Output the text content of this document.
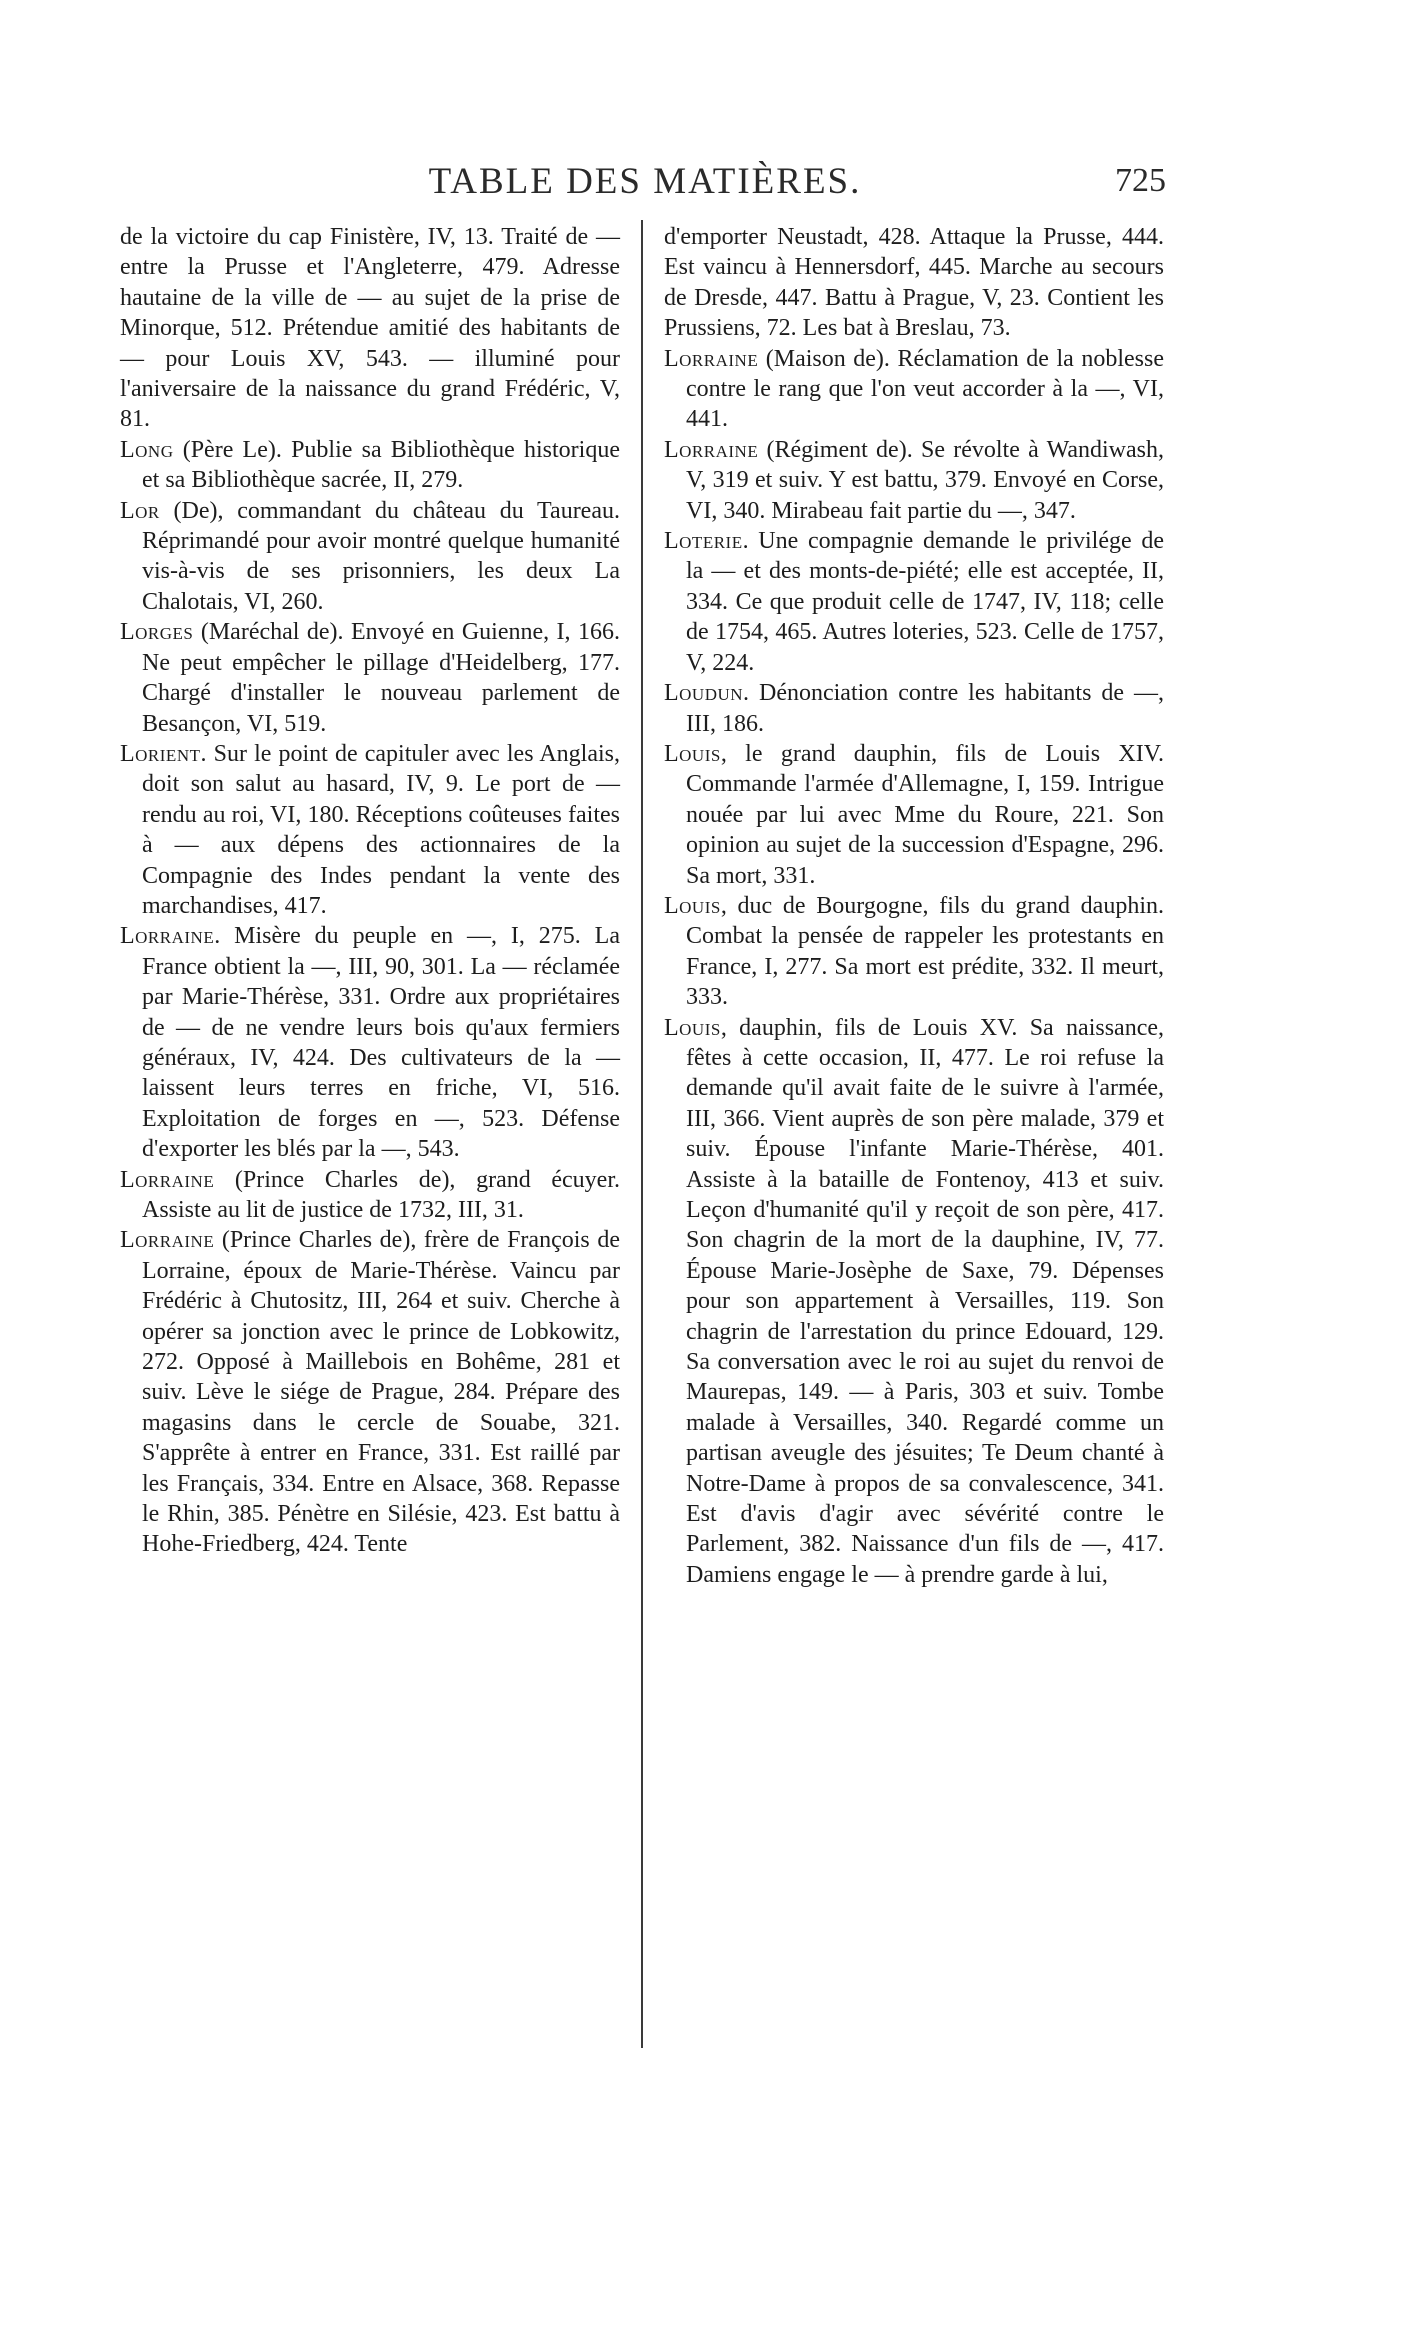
TABLE DES MATIÈRES.	725

de la victoire du cap Finistère, IV, 13. Traité de — entre la Prusse et l'Angleterre, 479. Adresse hautaine de la ville de — au sujet de la prise de Minorque, 512. Prétendue amitié des habitants de — pour Louis XV, 543. — illuminé pour l'aniversaire de la naissance du grand Frédéric, V, 81.

Long (Père Le). Publie sa Bibliothèque historique et sa Bibliothèque sacrée, II, 279.

Lor (De), commandant du château du Taureau. Réprimandé pour avoir montré quelque humanité vis-à-vis de ses prisonniers, les deux La Chalotais, VI, 260.

Lorges (Maréchal de). Envoyé en Guienne, I, 166. Ne peut empêcher le pillage d'Heidelberg, 177. Chargé d'installer le nouveau parlement de Besançon, VI, 519.

Lorient. Sur le point de capituler avec les Anglais, doit son salut au hasard, IV, 9. Le port de — rendu au roi, VI, 180. Réceptions coûteuses faites à — aux dépens des actionnaires de la Compagnie des Indes pendant la vente des marchandises, 417.

Lorraine. Misère du peuple en —, I, 275. La France obtient la —, III, 90, 301. La — réclamée par Marie-Thérèse, 331. Ordre aux propriétaires de — de ne vendre leurs bois qu'aux fermiers généraux, IV, 424. Des cultivateurs de la — laissent leurs terres en friche, VI, 516. Exploitation de forges en —, 523. Défense d'exporter les blés par la —, 543.

Lorraine (Prince Charles de), grand écuyer. Assiste au lit de justice de 1732, III, 31.

Lorraine (Prince Charles de), frère de François de Lorraine, époux de Marie-Thérèse. Vaincu par Frédéric à Chutositz, III, 264 et suiv. Cherche à opérer sa jonction avec le prince de Lobkowitz, 272. Opposé à Maillebois en Bohême, 281 et suiv. Lève le siége de Prague, 284. Prépare des magasins dans le cercle de Souabe, 321. S'apprête à entrer en France, 331. Est raillé par les Français, 334. Entre en Alsace, 368. Repasse le Rhin, 385. Pénètre en Silésie, 423. Est battu à Hohe-Friedberg, 424. Tente

d'emporter Neustadt, 428. Attaque la Prusse, 444. Est vaincu à Hennersdorf, 445. Marche au secours de Dresde, 447. Battu à Prague, V, 23. Contient les Prussiens, 72. Les bat à Breslau, 73.

Lorraine (Maison de). Réclamation de la noblesse contre le rang que l'on veut accorder à la —, VI, 441.

Lorraine (Régiment de). Se révolte à Wandiwash, V, 319 et suiv. Y est battu, 379. Envoyé en Corse, VI, 340. Mirabeau fait partie du —, 347.

Loterie. Une compagnie demande le privilége de la — et des monts-de-piété; elle est acceptée, II, 334. Ce que produit celle de 1747, IV, 118; celle de 1754, 465. Autres loteries, 523. Celle de 1757, V, 224.

Loudun. Dénonciation contre les habitants de —, III, 186.

Louis, le grand dauphin, fils de Louis XIV. Commande l'armée d'Allemagne, I, 159. Intrigue nouée par lui avec Mme du Roure, 221. Son opinion au sujet de la succession d'Espagne, 296. Sa mort, 331.

Louis, duc de Bourgogne, fils du grand dauphin. Combat la pensée de rappeler les protestants en France, I, 277. Sa mort est prédite, 332. Il meurt, 333.

Louis, dauphin, fils de Louis XV. Sa naissance, fêtes à cette occasion, II, 477. Le roi refuse la demande qu'il avait faite de le suivre à l'armée, III, 366. Vient auprès de son père malade, 379 et suiv. Épouse l'infante Marie-Thérèse, 401. Assiste à la bataille de Fontenoy, 413 et suiv. Leçon d'humanité qu'il y reçoit de son père, 417. Son chagrin de la mort de la dauphine, IV, 77. Épouse Marie-Josèphe de Saxe, 79. Dépenses pour son appartement à Versailles, 119. Son chagrin de l'arrestation du prince Edouard, 129. Sa conversation avec le roi au sujet du renvoi de Maurepas, 149. — à Paris, 303 et suiv. Tombe malade à Versailles, 340. Regardé comme un partisan aveugle des jésuites; Te Deum chanté à Notre-Dame à propos de sa convalescence, 341. Est d'avis d'agir avec sévérité contre le Parlement, 382. Naissance d'un fils de —, 417. Damiens engage le — à prendre garde à lui,
